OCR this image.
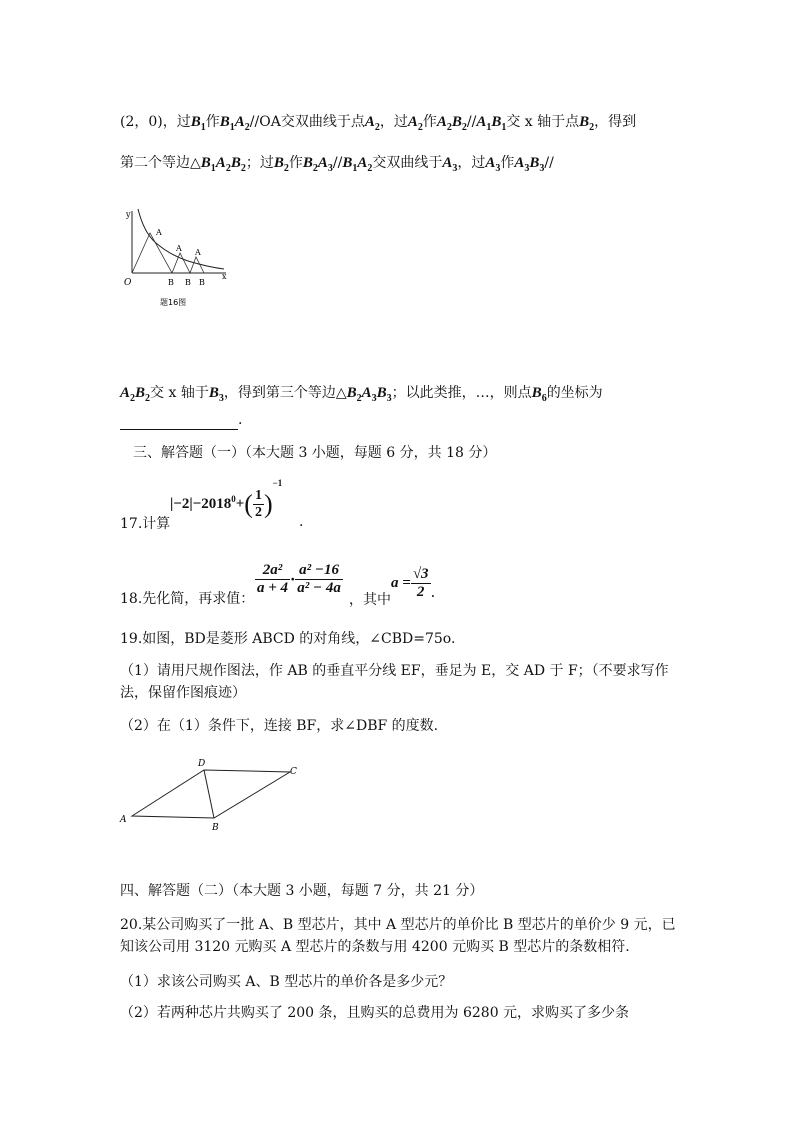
(2，0)，过$B_1$作$B_1A_2//OA$交双曲线于点$A_2$，过$A_2$作$A_2B_2//A_1B_1$交 x 轴于点$B_2$，得到
第二个等边$\triangle B_1A_2B_2$；过$B_2$作$B_2A_3//B_1A_2$交双曲线于$A_3$，过$A_3$作$A_3B_3//$
y
x
O
A
A A
B B B
题16图
$A_2B_2$交 x 轴于$B_3$，得到第三个等边$\triangle B_2A_3B_3$；以此类推，…，则点$B_6$的坐标为
.
三、解答题（一）（本大题 3 小题，每题 6 分，共 18 分）
$|-2|-2018^0+( \frac{1}{2} )^{-1}$
17.计算	.
18.先化简，再求值：
$\frac{\text{2a²}}{a + 4} \cdot \frac{\text{a² −16}}{\text{a² − 4a}}$
，其中
$a = \frac{√3}{2}$ .
19.如图，BD是菱形 ABCD 的对角线，∠CBD=75o.
（1）请用尺规作图法，作 AB 的垂直平分线 EF，垂足为 E，交 AD 于 F；（不要求写作法，保留作图痕迹）
（2）在（1）条件下，连接 BF，求∠DBF 的度数.
A
B
C
D
四、解答题（二）（本大题 3 小题，每题 7 分，共 21 分）
20.某公司购买了一批 A、B 型芯片，其中 A 型芯片的单价比 B 型芯片的单价少 9 元，已知该公司用 3120 元购买 A 型芯片的条数与用 4200 元购买 B 型芯片的条数相符.
（1）求该公司购买 A、B 型芯片的单价各是多少元？
（2）若两种芯片共购买了 200 条，且购买的总费用为 6280 元，求购买了多少条
